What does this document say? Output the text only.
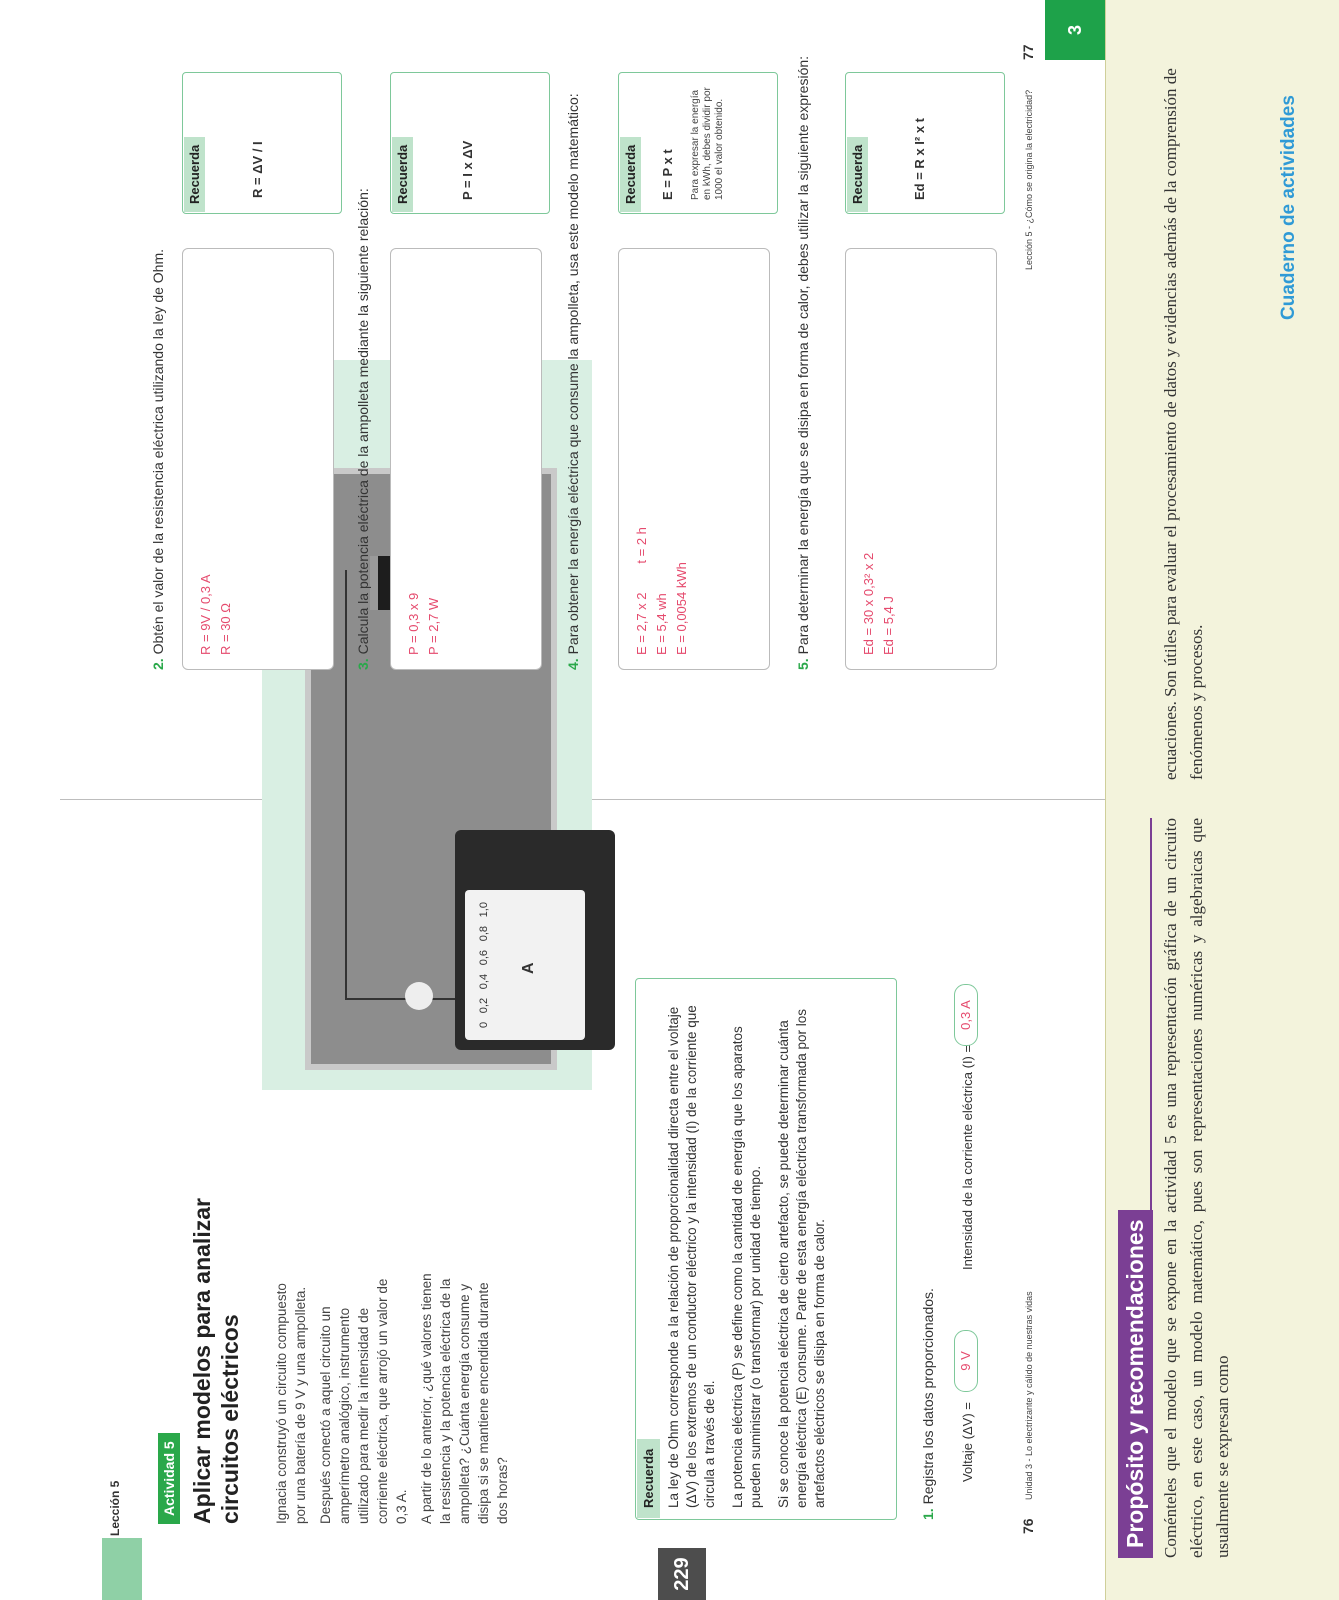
Lección 5
229
Actividad 5 Aplicar modelos para analizar circuitos eléctricos Ignacia construyó un circuito compuesto por una batería de 9 V y una ampolleta. Después conectó a aquel circuito un amperímetro analógico, instrumento utilizado para medir la intensidad de corriente eléctrica, que arrojó un valor de 0,3 A. A partir de lo anterior, ¿qué valores tienen la resistencia y la potencia eléctrica de la ampolleta? ¿Cuánta energía consume y disipa si se mantiene encendida durante dos horas?

0
0,2
0,4
0,6
0,8
1,0
A
Recuerda La ley de Ohm corresponde a la relación de proporcionalidad directa entre el voltaje (ΔV) de los extremos de un conductor eléctrico y la intensidad (I) de la corriente que circula a través de él. La potencia eléctrica (P) se define como la cantidad de energía que los aparatos pueden suministrar (o transformar) por unidad de tiempo. Si se conoce la potencia eléctrica de cierto artefacto, se puede determinar cuánta energía eléctrica (E) consume. Parte de esta energía eléctrica transformada por los artefactos eléctricos se disipa en forma de calor.

1. Registra los datos proporcionados. Voltaje (ΔV) =
9 V
Intensidad de la corriente eléctrica (I) =
0,3 A
76
Unidad 3 - Lo electrizante y cálido de nuestras vidas
3
2. Obtén el valor de la resistencia eléctrica utilizando la ley de Ohm. R = 9V / 0,3 A R = 30 Ω
Recuerda	R = ΔV / I
3. Calcula la potencia eléctrica de la ampolleta mediante la siguiente relación:	P = 0,3 x 9 P = 2,7 W
Recuerda	P = I x ΔV
4. Para obtener la energía eléctrica que consume la ampolleta, usa este modelo matemático:	E = 2,7 x 2        t = 2 h E = 5,4 wh E = 0,0054 kWh
Recuerda E = P x t Para expresar la energía en kWh, debes dividir por 1000 el valor obtenido.
5. Para determinar la energía que se disipa en forma de calor, debes utilizar la siguiente expresión:	Ed = 30 x 0,3² x 2 Ed = 5,4 J
Recuerda	Ed = R x I² x t	Lección 5 - ¿Cómo se origina la electricidad?
77
Propósito y recomendaciones Coménteles que el modelo que se expone en la actividad 5 es una representación gráfica de un circuito eléctrico, en este caso, un modelo matemático, pues son representaciones numéricas y algebraicas que usualmente se expresan como
ecuaciones. Son útiles para evaluar el procesamiento de datos y evidencias además de la comprensión de fenómenos y procesos.
Cuaderno de actividades
